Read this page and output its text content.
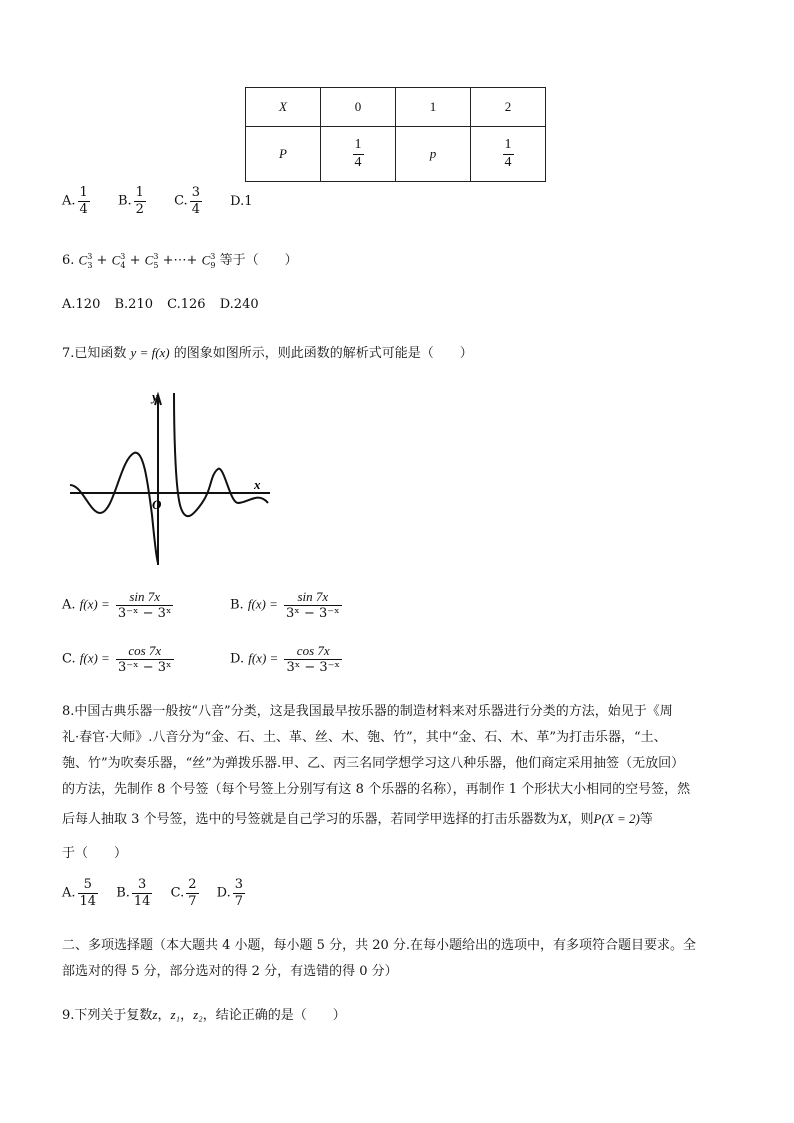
X	0	1	2
P	$\frac{1}{4}$	p	$\frac{1}{4}$
A. $\frac{1}{4} B$. $\frac{1}{2} C$. $\frac{3}{4} D.1$
6. $C^3_3 + C^3_4 + C^3_5$ +⋯+ $C^3_9$ 等于（　　）
A.120 B.210 C.126 D.240
7.已知函数 y = f(x) 的图象如图所示，则此函数的解析式可能是（　　）
y
x
O
A. $f(x) = \frac{\sin 7x}{\text{3⁻ˣ − 3ˣ}}$	B. $f(x) = \frac{\sin 7x}{\text{3ˣ − 3⁻ˣ}}$
C. $f(x) = \frac{\cos 7x}{\text{3⁻ˣ − 3ˣ}}$	D. $f(x) = \frac{\cos 7x}{\text{3ˣ − 3⁻ˣ}}$
8.中国古典乐器一般按“八音”分类，这是我国最早按乐器的制造材料来对乐器进行分类的方法，始见于《周
礼·春官·大师》.八音分为“金、石、土、革、丝、木、匏、竹”，其中“金、石、木、革”为打击乐器，“土、
匏、竹”为吹奏乐器，“丝”为弹拨乐器.甲、乙、丙三名同学想学习这八种乐器，他们商定采用抽签（无放回）
的方法，先制作 8 个号签（每个号签上分别写有这 8 个乐器的名称），再制作 1 个形状大小相同的空号签，然
后每人抽取 3 个号签，选中的号签就是自己学习的乐器，若同学甲选择的打击乐器数为X，则P(X = 2)等
于（　　）
A. $\frac{5}{14} B$. $\frac{3}{14} C$. $\frac{2}{7} D$. $\frac{3}{7}$
二、多项选择题（本大题共 4 小题，每小题 5 分，共 20 分.在每小题给出的选项中，有多项符合题目要求。全
部选对的得 5 分，部分选对的得 2 分，有选错的得 0 分）
9.下列关于复数z，z₁，z₂，结论正确的是（　　）
